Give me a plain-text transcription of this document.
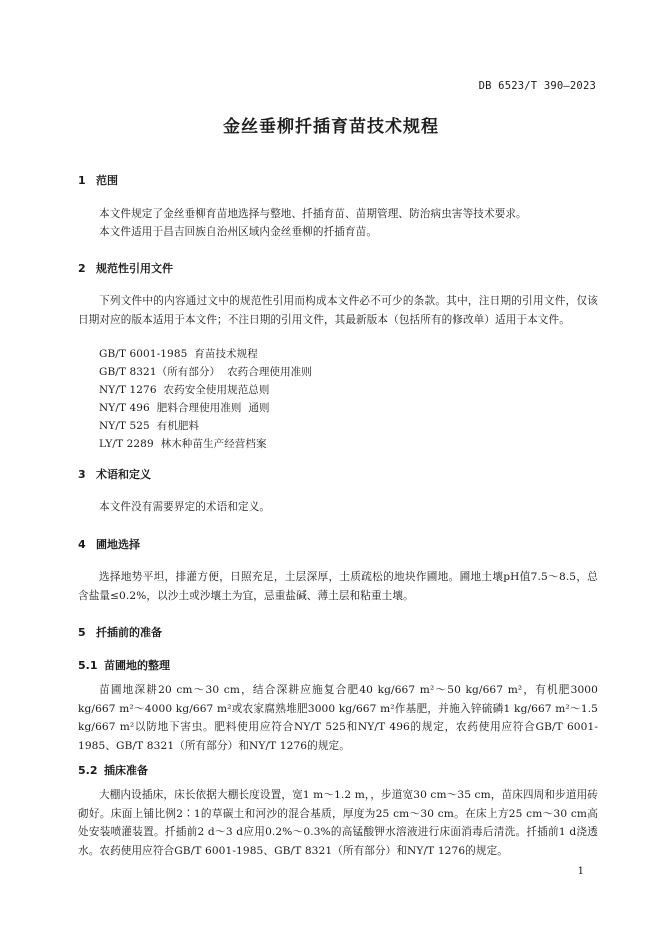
DB 6523/T 390—2023
金丝垂柳扦插育苗技术规程
1 范围
本文件规定了金丝垂柳育苗地选择与整地、扦插育苗、苗期管理、防治病虫害等技术要求。
本文件适用于昌吉回族自治州区域内金丝垂柳的扦插育苗。
2 规范性引用文件
下列文件中的内容通过文中的规范性引用而构成本文件必不可少的条款。其中，注日期的引用文件，仅该日期对应的版本适用于本文件；不注日期的引用文件，其最新版本（包括所有的修改单）适用于本文件。
GB/T 6001-1985  育苗技术规程
GB/T 8321（所有部分）  农药合理使用准则
NY/T 1276  农药安全使用规范总则
NY/T 496  肥料合理使用准则  通则
NY/T 525  有机肥料
LY/T 2289  林木种苗生产经营档案
3 术语和定义
本文件没有需要界定的术语和定义。
4 圃地选择
选择地势平坦，排灌方便，日照充足，土层深厚，土质疏松的地块作圃地。圃地土壤pH值7.5～8.5，总含盐量≤0.2%，以沙土或沙壤土为宜，忌重盐碱、薄土层和粘重土壤。
5 扦插前的准备
5.1 苗圃地的整理
苗圃地深耕20 cm～30 cm，结合深耕应施复合肥40 kg/667 m²～50 kg/667 m²，有机肥3000 kg/667 m²～4000 kg/667 m²或农家腐熟堆肥3000 kg/667 m²作基肥，并施入锌硫磷1 kg/667 m²～1.5 kg/667 m²以防地下害虫。肥料使用应符合NY/T 525和NY/T 496的规定，农药使用应符合GB/T 6001-1985、GB/T 8321（所有部分）和NY/T 1276的规定。
5.2 插床准备
大棚内设插床，床长依据大棚长度设置，宽1 m～1.2 m，，步道宽30 cm～35 cm，苗床四周和步道用砖砌好。床面上铺比例2∶1的草碳土和河沙的混合基质，厚度为25 cm～30 cm。在床上方25 cm～30 cm高处安装喷灌装置。扦插前2 d～3 d应用0.2%～0.3%的高锰酸钾水溶液进行床面消毒后清洗。扦插前1 d浇透水。农药使用应符合GB/T 6001-1985、GB/T 8321（所有部分）和NY/T 1276的规定。
1
